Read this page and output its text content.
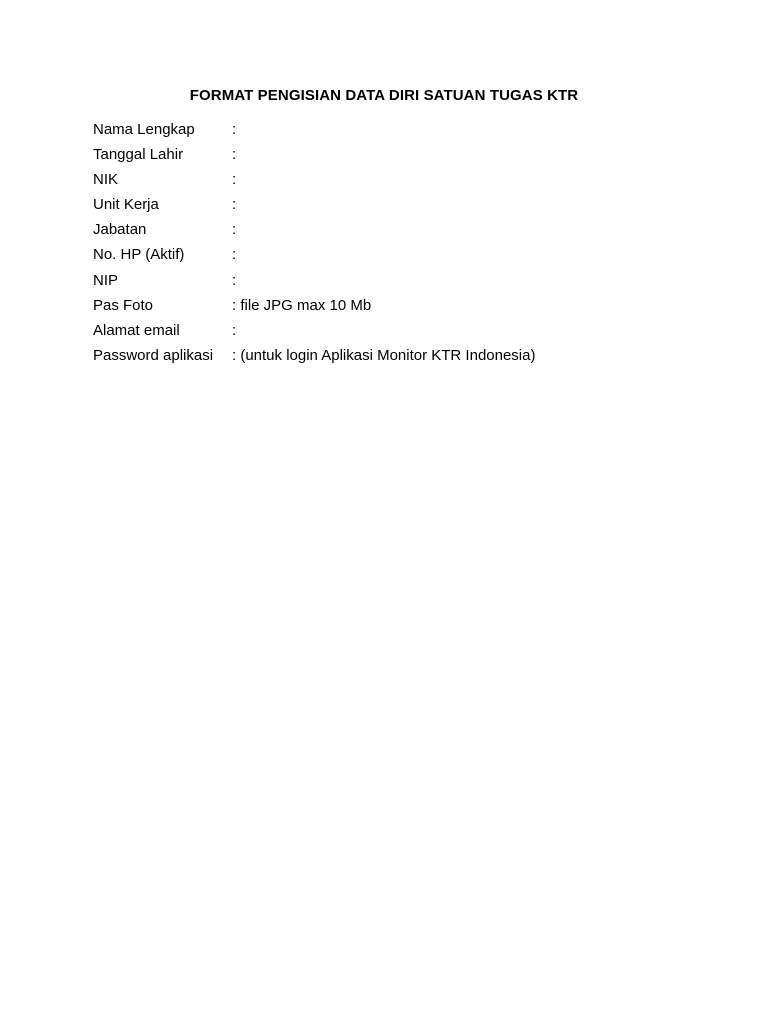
FORMAT PENGISIAN DATA DIRI SATUAN TUGAS KTR
Nama Lengkap :
Tanggal Lahir	:
NIK	:
Unit Kerja	:
Jabatan	:
No. HP (Aktif)	:
NIP	:
Pas Foto	: file JPG max 10 Mb
Alamat email	:
Password aplikasi : (untuk login Aplikasi Monitor KTR Indonesia)
